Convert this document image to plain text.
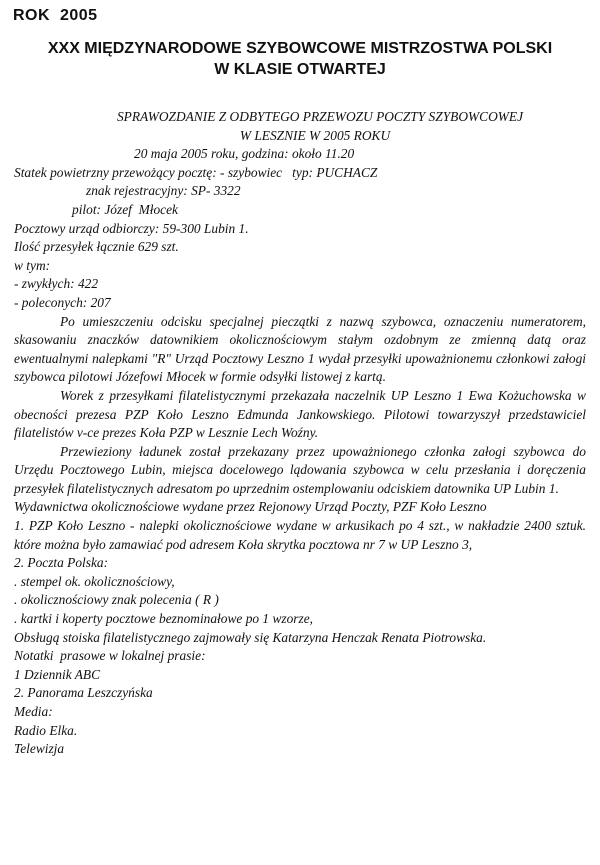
ROK  2005
XXX MIĘDZYNARODOWE SZYBOWCOWE MISTRZOSTWA POLSKI
W KLASIE OTWARTEJ

SPRAWOZDANIE Z ODBYTEGO PRZEWOZU POCZTY SZYBOWCOWEJ

W LESZNIE W 2005 ROKU

20 maja 2005 roku, godzina: około 11.20

Statek powietrzny przewożący pocztę: - szybowiec   typ: PUCHACZ

znak rejestracyjny: SP- 3322

pilot: Józef  Młocek

Pocztowy urząd odbiorczy: 59-300 Lubin 1.

Ilość przesyłek łącznie 629 szt.

w tym:

- zwykłych: 422

- poleconych: 207

Po umieszczeniu odcisku specjalnej pieczątki z nazwą szybowca, oznaczeniu numeratorem, skasowaniu znaczków datownikiem okolicznościowym stałym ozdobnym ze zmienną datą oraz ewentualnymi nalepkami "R" Urząd Pocztowy Leszno 1 wydał przesyłki upoważnionemu członkowi załogi szybowca pilotowi Józefowi Młocek w formie odsyłki listowej z kartą.

Worek z przesyłkami filatelistycznymi przekazała naczelnik UP Leszno 1 Ewa Kożuchowska w obecności prezesa PZP Koło Leszno Edmunda Jankowskiego. Pilotowi towarzyszył przedstawiciel filatelistów v-ce prezes Koła PZP w Lesznie Lech Woźny.

Przewieziony ładunek został przekazany przez upoważnionego członka załogi szybowca do Urzędu Pocztowego Lubin, miejsca docelowego lądowania szybowca w celu przesłania i doręczenia przesyłek filatelistycznych adresatom po uprzednim ostemplowaniu odciskiem datownika UP Lubin 1.

Wydawnictwa okolicznościowe wydane przez Rejonowy Urząd Poczty, PZF Koło Leszno

1. PZP Koło Leszno - nalepki okolicznościowe wydane w arkusikach po 4 szt., w nakładzie 2400 sztuk. które można było zamawiać pod adresem Koła skrytka pocztowa nr 7 w UP Leszno 3,

2. Poczta Polska:

. stempel ok. okolicznościowy,

. okolicznościowy znak polecenia ( R )

. kartki i koperty pocztowe beznominałowe po 1 wzorze,

Obsługą stoiska filatelistycznego zajmowały się Katarzyna Henczak Renata Piotrowska.

Notatki  prasowe w lokalnej prasie:

1 Dziennik ABC

2. Panorama Leszczyńska

Media:

Radio Elka.

Telewizja
